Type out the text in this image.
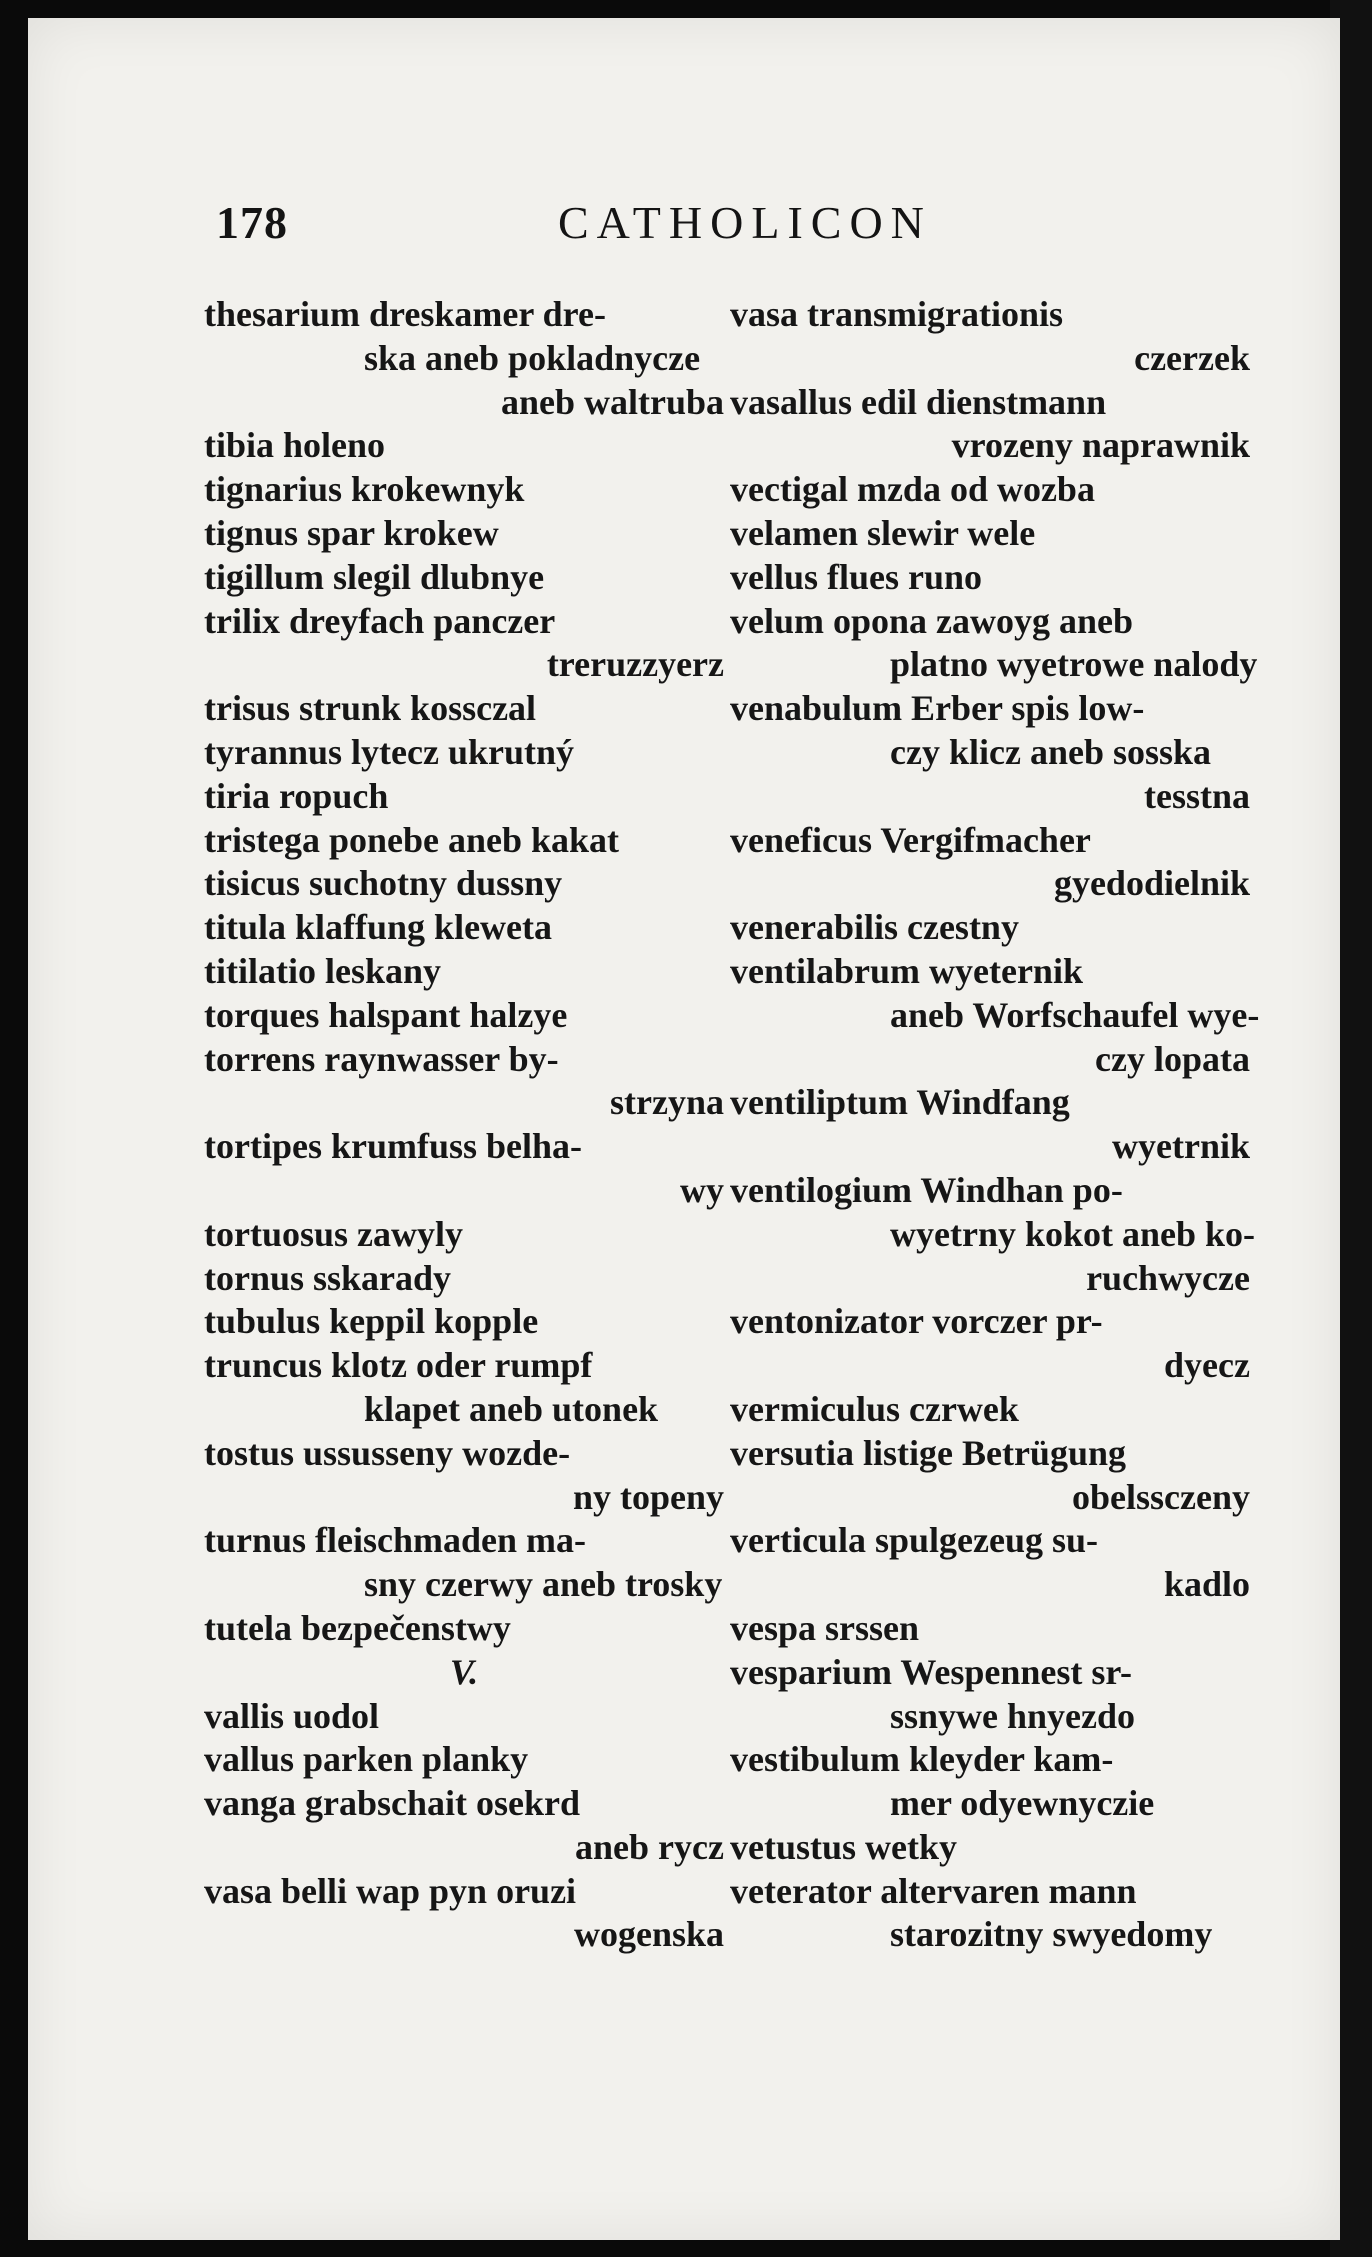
178	CATHOLICON
thesarium dreskamer dre-
ska aneb pokladnycze
aneb waltruba
tibia holeno
tignarius krokewnyk
tignus spar krokew
tigillum slegil dlubnye
trilix dreyfach panczer
treruzzyerz
trisus strunk kossczal
tyrannus lytecz ukrutný
tiria ropuch
tristega ponebe aneb kakat
tisicus suchotny dussny
titula klaffung kleweta
titilatio leskany
torques halspant halzye
torrens raynwasser by-
strzyna
tortipes krumfuss belha-
wy
tortuosus zawyly
tornus sskarady
tubulus keppil kopple
truncus klotz oder rumpf
klapet aneb utonek
tostus ussusseny wozde-
ny topeny
turnus fleischmaden ma-
sny czerwy aneb trosky
tutela bezpečenstwy
V.
vallis uodol
vallus parken planky
vanga grabschait osekrd
aneb rycz
vasa belli wap pyn oruzi
wogenska
vasa transmigrationis
czerzek
vasallus edil dienstmann
vrozeny naprawnik
vectigal mzda od wozba
velamen slewir wele
vellus flues runo
velum opona zawoyg aneb
platno wyetrowe nalody
venabulum Erber spis low-
czy klicz aneb sosska
tesstna
veneficus Vergifmacher
gyedodielnik
venerabilis czestny
ventilabrum wyeternik
aneb Worfschaufel wye-
czy lopata
ventiliptum Windfang
wyetrnik
ventilogium Windhan po-
wyetrny kokot aneb ko-
ruchwycze
ventonizator vorczer pr-
dyecz
vermiculus czrwek
versutia listige Betrügung
obelssczeny
verticula spulgezeug su-
kadlo
vespa srssen
vesparium Wespennest sr-
ssnywe hnyezdo
vestibulum kleyder kam-
mer odyewnyczie
vetustus wetky
veterator altervaren mann
starozitny swyedomy
